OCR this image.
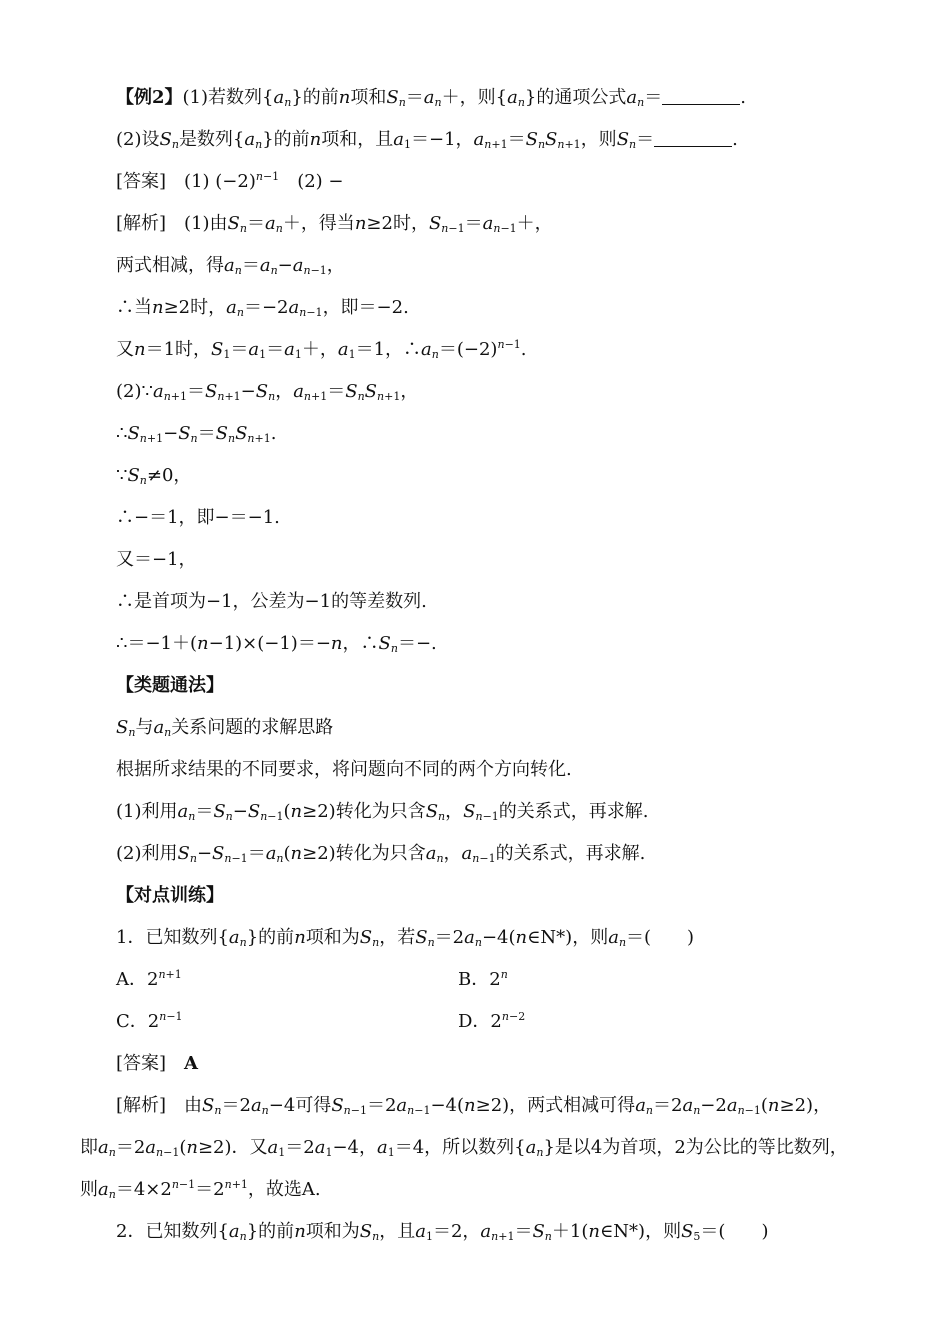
【例2】(1)若数列$\{a_n\}$的前n项和$S_n=a_n+$，则$\{a_n\}$的通项公式$a_n=$	.
(2)设$S_n$是数列$\{a_n\}$的前n项和，且$a_1=-1$，$a_{n+1}=S_nS_{n+1}$，则$S_n=$	.
[答案]　 (1) $(-2)^{n-1}$　 (2) −
[解析]　 (1)由$S_n=a_n+$，得当n≥2时，$S_{n-1}=a_{n-1}+$，
两式相减，得$a_n=a_n-a_{n-1}$，
∴当n≥2时，$a_n=-2a_{n-1}$，即＝−2.
又n＝1时，$S_1=a_1=a_1+$，$a_1=1$，$\therefore a_n=(-2)^{n-1}$.
$(2)\because a_{n+1}=S_{n+1}-S_n$，$a_{n+1}=S_nS_{n+1}$，
$\therefore S_{n+1}-S_n=S_nS_{n+1}$.
$\because S_n\ne 0$，
∴−＝1，即−＝−1.
又＝−1，
∴是首项为−1，公差为−1的等差数列.
∴＝−1＋(n−1)×(−1)＝−n，$\therefore S_n=-$.
【类题通法】
$S_n$与$a_n$关系问题的求解思路
根据所求结果的不同要求，将问题向不同的两个方向转化.
(1)利用$a_n=S_n-S_{n-1}(n\ge 2)$转化为只含$S_n$，$S_{n-1}$的关系式，再求解.
(2)利用$S_n-S_{n-1}=a_n(n\ge 2)$转化为只含$a_n$，$a_{n-1}$的关系式，再求解.
【对点训练】
1．已知数列$\{a_n\}$的前n项和为$S_n$，若$S_n=2a_n-4(n\in N*)$，则$a_n=$(　　)
A．$2^{n+1}$	B．2$^n$
C．$2^{n-1}$	D．$2^{n-2}$
[答案]　 A
[解析]　 由$S_n=2a_n-4$可得$S_{n-1}=2a_{n-1}-4(n\ge 2)$，两式相减可得$a_n=2a_n-2a_{n-1}(n\ge 2)$，
即$a_n=2a_{n-1}(n\ge 2)$．又$a_1=2a_1-4$，$a_1=4$，所以数列$\{a_n\}$是以4为首项，2为公比的等比数列，
则$a_n=4\times 2^{n-1}=2^{n+1}$，故选A.
2．已知数列$\{a_n\}$的前n项和为$S_n$，且$a_1=2$，$a_{n+1}=S_n+1(n\in N*)$，则$S_5=$(　　)
